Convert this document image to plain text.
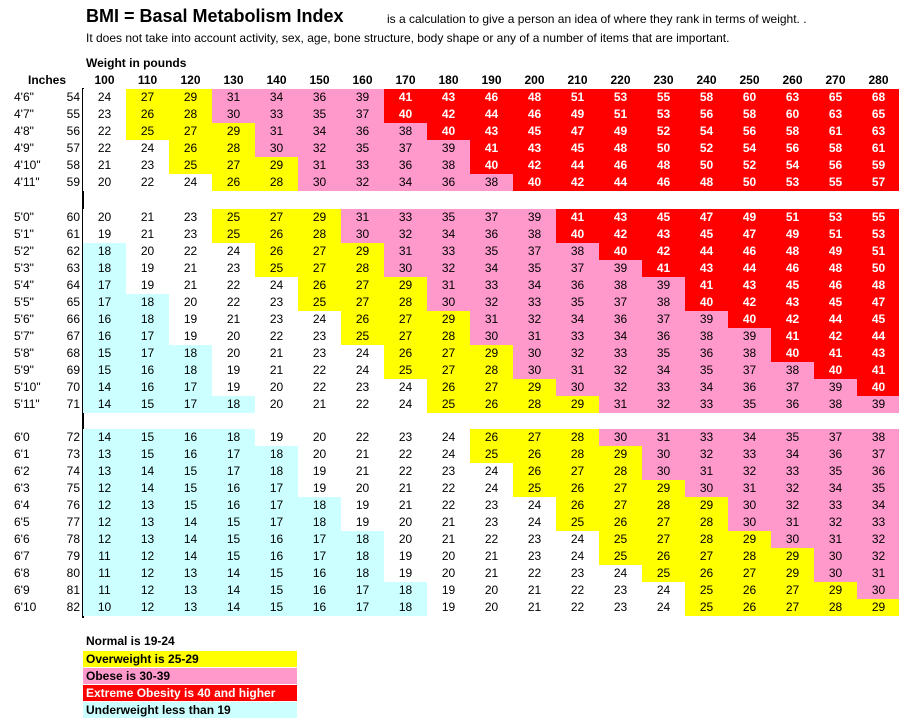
BMI = Basal Metabolism Index	is a calculation to give a person an idea of where they rank in terms of weight. .
It does not take into account activity, sex, age, bone structure, body shape or any of a number of items that are important.
Weight in pounds
Inches	100	110	120	130	140	150	160	170	180	190	200	210	220	230	240	250	260	270	280
4'6"	54	24	27	29	31	34	36	39	41	43	46	48	51	53	55	58	60	63	65	68
4'7"	55	23	26	28	30	33	35	37	40	42	44	46	49	51	53	56	58	60	63	65
4'8"	56	22	25	27	29	31	34	36	38	40	43	45	47	49	52	54	56	58	61	63
4'9"	57	22	24	26	28	30	32	35	37	39	41	43	45	48	50	52	54	56	58	61
4'10"	58	21	23	25	27	29	31	33	36	38	40	42	44	46	48	50	52	54	56	59
4'11"	59	20	22	24	26	28	30	32	34	36	38	40	42	44	46	48	50	53	55	57
5'0"	60	20	21	23	25	27	29	31	33	35	37	39	41	43	45	47	49	51	53	55
5'1"	61	19	21	23	25	26	28	30	32	34	36	38	40	42	43	45	47	49	51	53
5'2"	62	18	20	22	24	26	27	29	31	33	35	37	38	40	42	44	46	48	49	51
5'3"	63	18	19	21	23	25	27	28	30	32	34	35	37	39	41	43	44	46	48	50
5'4"	64	17	19	21	22	24	26	27	29	31	33	34	36	38	39	41	43	45	46	48
5'5"	65	17	18	20	22	23	25	27	28	30	32	33	35	37	38	40	42	43	45	47
5'6"	66	16	18	19	21	23	24	26	27	29	31	32	34	36	37	39	40	42	44	45
5'7"	67	16	17	19	20	22	23	25	27	28	30	31	33	34	36	38	39	41	42	44
5'8"	68	15	17	18	20	21	23	24	26	27	29	30	32	33	35	36	38	40	41	43
5'9"	69	15	16	18	19	21	22	24	25	27	28	30	31	32	34	35	37	38	40	41
5'10"	70	14	16	17	19	20	22	23	24	26	27	29	30	32	33	34	36	37	39	40
5'11"	71	14	15	17	18	20	21	22	24	25	26	28	29	31	32	33	35	36	38	39
6'0	72	14	15	16	18	19	20	22	23	24	26	27	28	30	31	33	34	35	37	38
6'1	73	13	15	16	17	18	20	21	22	24	25	26	28	29	30	32	33	34	36	37
6'2	74	13	14	15	17	18	19	21	22	23	24	26	27	28	30	31	32	33	35	36
6'3	75	12	14	15	16	17	19	20	21	22	24	25	26	27	29	30	31	32	34	35
6'4	76	12	13	15	16	17	18	19	21	22	23	24	26	27	28	29	30	32	33	34
6'5	77	12	13	14	15	17	18	19	20	21	23	24	25	26	27	28	30	31	32	33
6'6	78	12	13	14	15	16	17	18	20	21	22	23	24	25	27	28	29	30	31	32
6'7	79	11	12	14	15	16	17	18	19	20	21	23	24	25	26	27	28	29	30	32
6'8	80	11	12	13	14	15	16	18	19	20	21	22	23	24	25	26	27	29	30	31
6'9	81	11	12	13	14	15	16	17	18	19	20	21	22	23	24	25	26	27	29	30
6'10	82	10	12	13	14	15	16	17	18	19	20	21	22	23	24	25	26	27	28	29
Normal is 19-24
Overweight is 25-29
Obese is 30-39
Extreme Obesity is 40 and higher
Underweight less than 19
